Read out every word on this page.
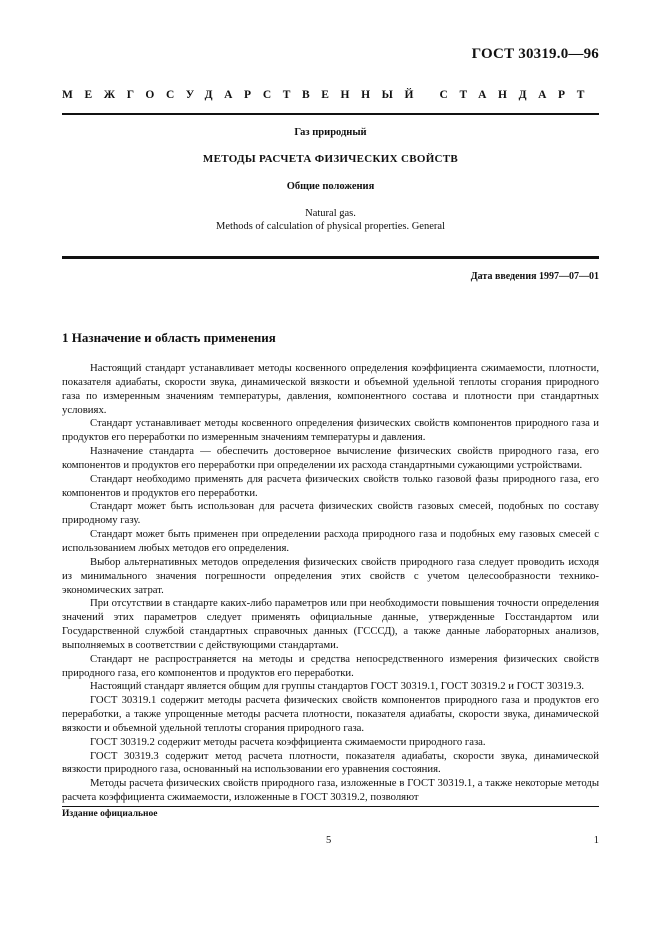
ГОСТ 30319.0—96
МЕЖГОСУДАРСТВЕННЫЙ СТАНДАРТ
Газ природный
МЕТОДЫ РАСЧЕТА ФИЗИЧЕСКИХ СВОЙСТВ
Общие положения
Natural gas.
Methods of calculation of physical properties. General
Дата введения 1997—07—01
1 Назначение и область применения

Настоящий стандарт устанавливает методы косвенного определения коэффициента сжимаемости, плотности, показателя адиабаты, скорости звука, динамической вязкости и объемной удельной теплоты сгорания природного газа по измеренным значениям температуры, давления, компонентного состава и плотности при стандартных условиях.

Стандарт устанавливает методы косвенного определения физических свойств компонентов природного газа и продуктов его переработки по измеренным значениям температуры и давления.

Назначение стандарта — обеспечить достоверное вычисление физических свойств природного газа, его компонентов и продуктов его переработки при определении их расхода стандартными сужающими устройствами.

Стандарт необходимо применять для расчета физических свойств только газовой фазы природного газа, его компонентов и продуктов его переработки.

Стандарт может быть использован для расчета физических свойств газовых смесей, подобных по составу природному газу.

Стандарт может быть применен при определении расхода природного газа и подобных ему газовых смесей с использованием любых методов его определения.

Выбор альтернативных методов определения физических свойств природного газа следует проводить исходя из минимального значения погрешности определения этих свойств с учетом целесообразности технико-экономических затрат.

При отсутствии в стандарте каких-либо параметров или при необходимости повышения точности определения значений этих параметров следует применять официальные данные, утвержденные Госстандартом или Государственной службой стандартных справочных данных (ГСССД), а также данные лабораторных анализов, выполняемых в соответствии с действующими стандартами.

Стандарт не распространяется на методы и средства непосредственного измерения физических свойств природного газа, его компонентов и продуктов его переработки.

Настоящий стандарт является общим для группы стандартов ГОСТ 30319.1, ГОСТ 30319.2 и ГОСТ 30319.3.

ГОСТ 30319.1 содержит методы расчета физических свойств компонентов природного газа и продуктов его переработки, а также упрощенные методы расчета плотности, показателя адиабаты, скорости звука, динамической вязкости и объемной удельной теплоты сгорания природного газа.

ГОСТ 30319.2 содержит методы расчета коэффициента сжимаемости природного газа.

ГОСТ 30319.3 содержит метод расчета плотности, показателя адиабаты, скорости звука, динамической вязкости природного газа, основанный на использовании его уравнения состояния.

Методы расчета физических свойств природного газа, изложенные в ГОСТ 30319.1, а также некоторые методы расчета коэффициента сжимаемости, изложенные в ГОСТ 30319.2, позволяют

Издание официальное
5	1
